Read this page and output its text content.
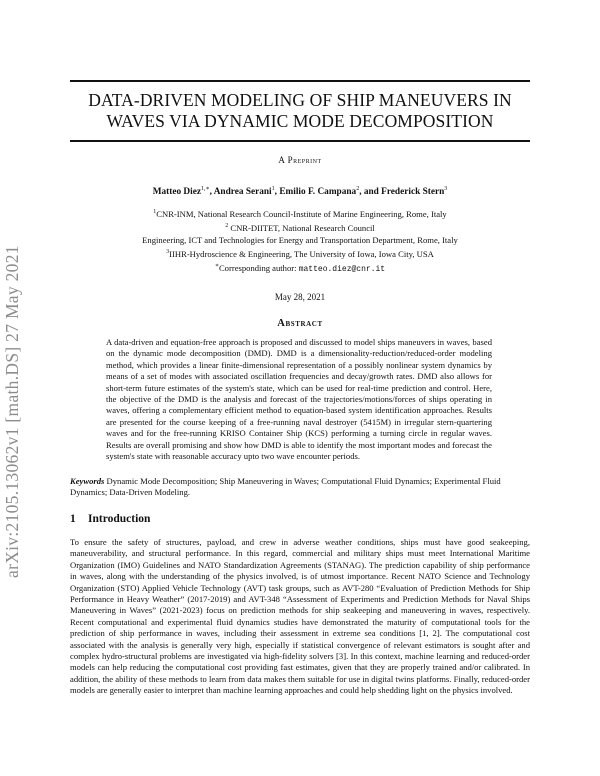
arXiv:2105.13062v1 [math.DS] 27 May 2021
DATA-DRIVEN MODELING OF SHIP MANEUVERS IN
WAVES VIA DYNAMIC MODE DECOMPOSITION
A Preprint
Matteo Diez$^{1,∗}$, Andrea Serani$^1$, Emilio F. Campana$^2$, and Frederick Stern$^3$
$^1$CNR-INM, National Research Council-Institute of Marine Engineering, Rome, Italy
$^2$ CNR-DIITET, National Research Council
Engineering, ICT and Technologies for Energy and Transportation Department, Rome, Italy
$^3$IIHR-Hydroscience & Engineering, The University of Iowa, Iowa City, USA
∗Corresponding author: matteo.diez@cnr.it
May 28, 2021
Abstract
A data-driven and equation-free approach is proposed and discussed to model ships maneuvers in waves, based on the dynamic mode decomposition (DMD). DMD is a dimensionality-reduction/reduced-order modeling method, which provides a linear finite-dimensional representation of a possibly nonlinear system dynamics by means of a set of modes with associated oscillation frequencies and decay/growth rates. DMD also allows for short-term future estimates of the system's state, which can be used for real-time prediction and control. Here, the objective of the DMD is the analysis and forecast of the trajectories/motions/forces of ships operating in waves, offering a complementary efficient method to equation-based system identification approaches. Results are presented for the course keeping of a free-running naval destroyer (5415M) in irregular stern-quartering waves and for the free-running KRISO Container Ship (KCS) performing a turning circle in regular waves. Results are overall promising and show how DMD is able to identify the most important modes and forecast the system's state with reasonable accuracy upto two wave encounter periods.
Keywords Dynamic Mode Decomposition; Ship Maneuvering in Waves; Computational Fluid Dynamics; Experimental Fluid Dynamics; Data-Driven Modeling.
1 Introduction
To ensure the safety of structures, payload, and crew in adverse weather conditions, ships must have good seakeeping, maneuverability, and structural performance. In this regard, commercial and military ships must meet International Maritime Organization (IMO) Guidelines and NATO Standardization Agreements (STANAG). The prediction capability of ship performance in waves, along with the understanding of the physics involved, is of utmost importance. Recent NATO Science and Technology Organization (STO) Applied Vehicle Technology (AVT) task groups, such as AVT-280 “Evaluation of Prediction Methods for Ship Performance in Heavy Weather” (2017-2019) and AVT-348 “Assessment of Experiments and Prediction Methods for Naval Ships Maneuvering in Waves” (2021-2023) focus on prediction methods for ship seakeeping and maneuvering in waves, respectively. Recent computational and experimental fluid dynamics studies have demonstrated the maturity of computational tools for the prediction of ship performance in waves, including their assessment in extreme sea conditions [1, 2]. The computational cost associated with the analysis is generally very high, especially if statistical convergence of relevant estimators is sought after and complex hydro-structural problems are investigated via high-fidelity solvers [3]. In this context, machine learning and reduced-order models can help reducing the computational cost providing fast estimates, given that they are properly trained and/or calibrated. In addition, the ability of these methods to learn from data makes them suitable for use in digital twins platforms. Finally, reduced-order models are generally easier to interpret than machine learning approaches and could help shedding light on the physics involved.
